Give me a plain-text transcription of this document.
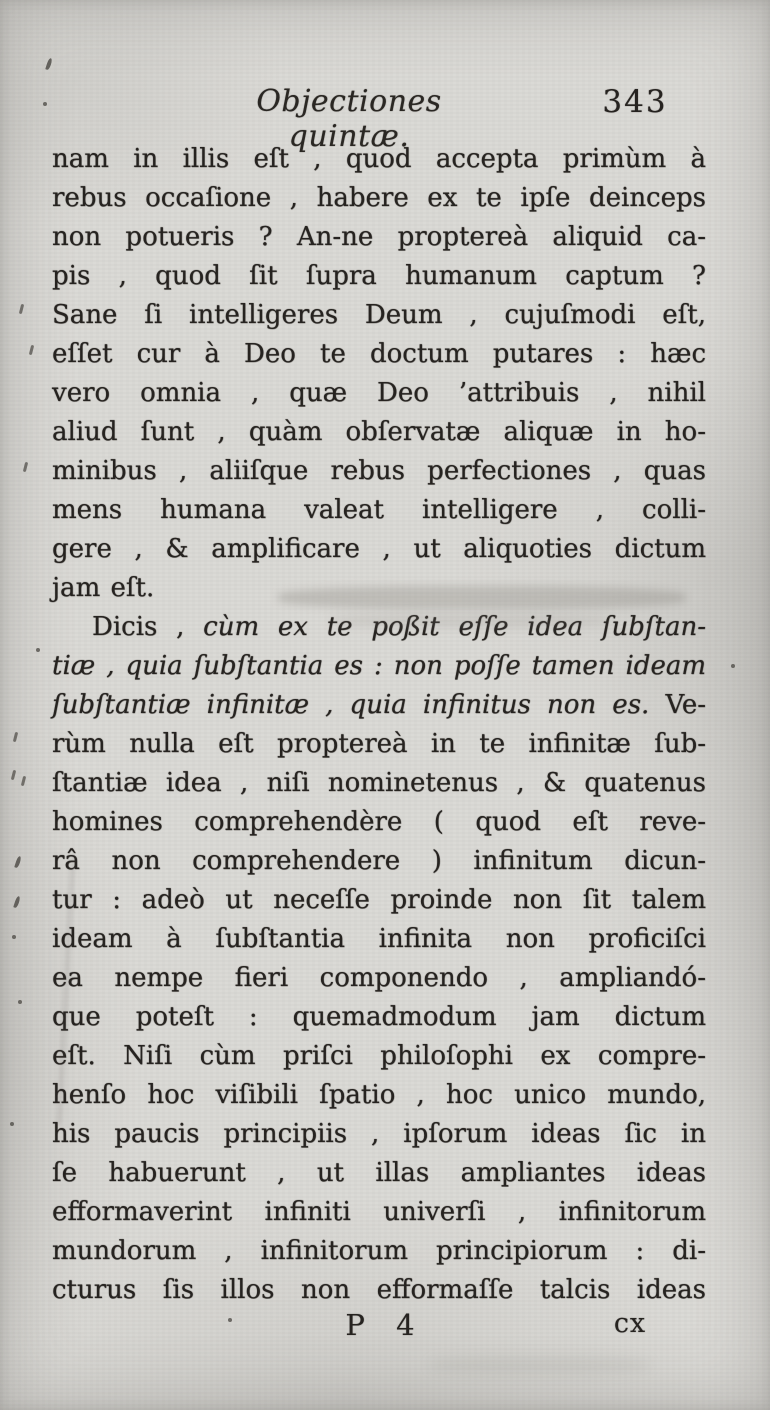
Objectiones quintæ.
343
nam in illis eſt , quod accepta primùm à
rebus occaſione , habere ex te ipſe deinceps
non potueris ? An-ne proptereà aliquid ca-
pis , quod ſit ſupra humanum captum ?
Sane ſi intelligeres Deum , cujuſmodi eſt,
eſſet cur à Deo te doctum putares : hæc
vero omnia , quæ Deo ’attribuis , nihil
aliud ſunt , quàm obſervatæ aliquæ in ho-
minibus , aliiſque rebus perfectiones , quas
mens humana valeat intelligere , colli-
gere , & amplificare , ut aliquoties dictum
jam eſt.
Dicis , cùm ex te poßit eſſe idea ſubſtan-
tiæ , quia ſubſtantia es : non poſſe tamen ideam
ſubſtantiæ infinitæ , quia infinitus non es. Ve-
rùm nulla eſt proptereà in te infinitæ ſub-
ſtantiæ idea , niſi nominetenus , & quatenus
homines comprehendère ( quod eſt reve-
râ non comprehendere ) infinitum dicun-
tur : adeò ut neceſſe proinde non ſit talem
ideam à ſubſtantia infinita non proficiſci
ea nempe fieri componendo , ampliandó-
que poteſt : quemadmodum jam dictum
eſt. Niſi cùm priſci philoſophi ex compre-
henſo hoc viſibili ſpatio , hoc unico mundo,
his paucis principiis , ipſorum ideas ſic in
ſe habuerunt , ut illas ampliantes ideas
efformaverint infiniti univerſi , infinitorum
mundorum , infinitorum principiorum : di-
cturus ſis illos non efformaſſe talcis ideas
P 4	cx
